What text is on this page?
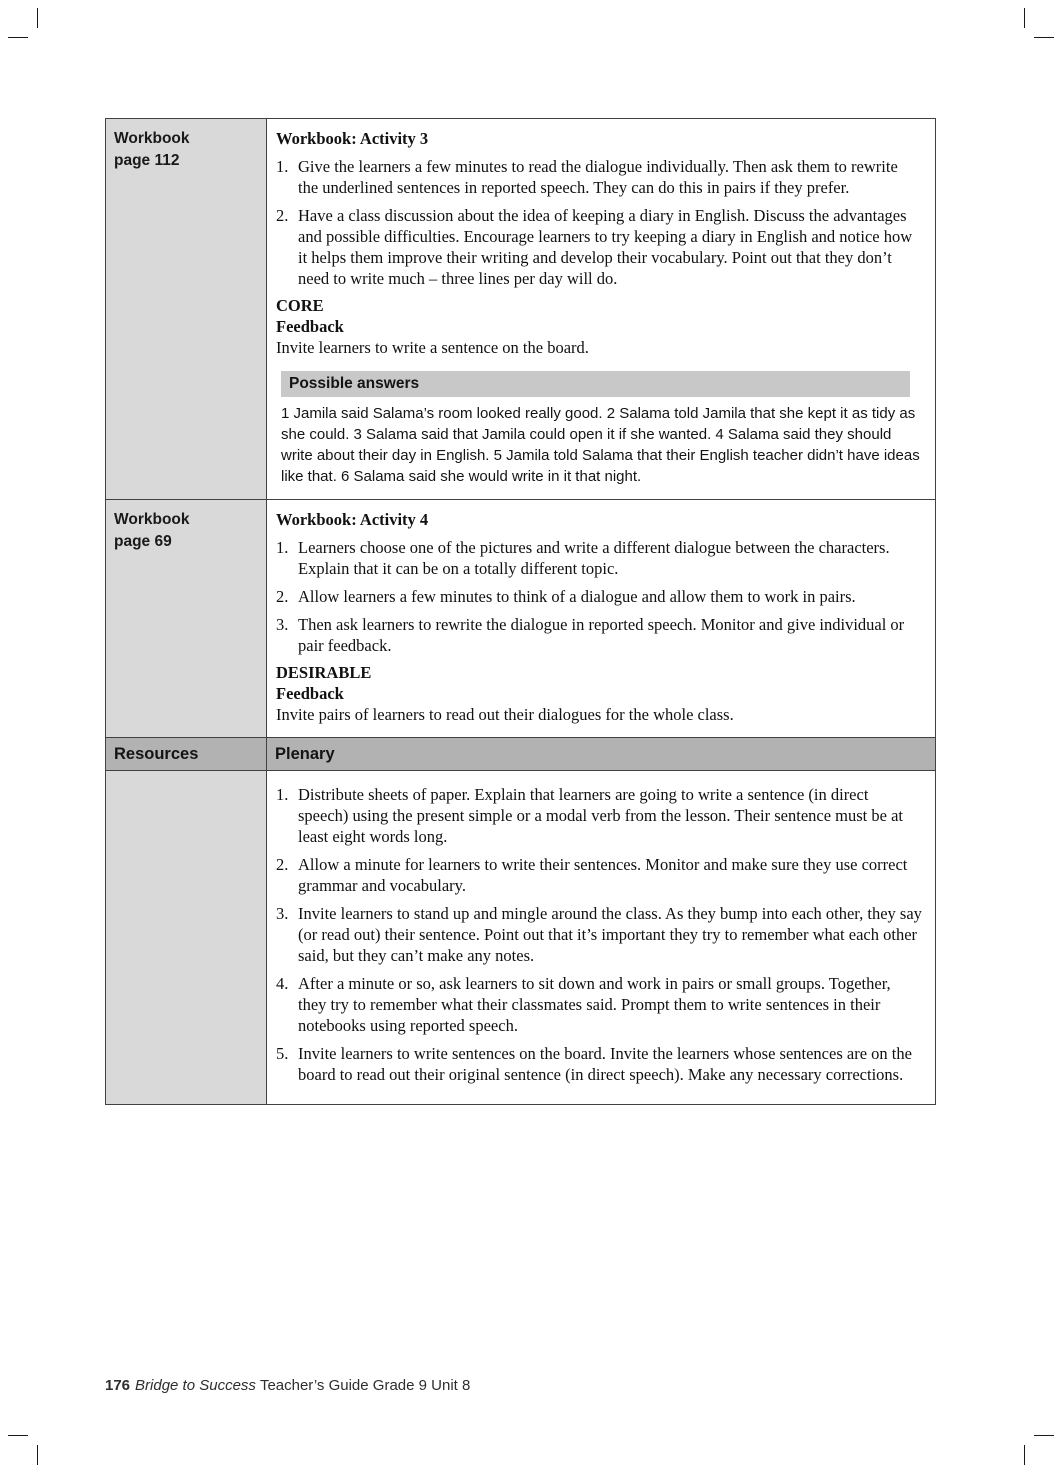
Workbook
page 112
Workbook: Activity 3
1. Give the learners a few minutes to read the dialogue individually. Then ask them to rewrite the underlined sentences in reported speech. They can do this in pairs if they prefer.
2. Have a class discussion about the idea of keeping a diary in English. Discuss the advantages and possible difficulties. Encourage learners to try keeping a diary in English and notice how it helps them improve their writing and develop their vocabulary. Point out that they don’t need to write much – three lines per day will do.
CORE
Feedback
Invite learners to write a sentence on the board.
Possible answers
1 Jamila said Salama’s room looked really good. 2 Salama told Jamila that she kept it as tidy as she could. 3 Salama said that Jamila could open it if she wanted. 4 Salama said they should write about their day in English. 5 Jamila told Salama that their English teacher didn’t have ideas like that. 6 Salama said she would write in it that night.
Workbook
page 69
Workbook: Activity 4
1. Learners choose one of the pictures and write a different dialogue between the characters. Explain that it can be on a totally different topic.
2. Allow learners a few minutes to think of a dialogue and allow them to work in pairs.
3. Then ask learners to rewrite the dialogue in reported speech. Monitor and give individual or pair feedback.
DESIRABLE
Feedback
Invite pairs of learners to read out their dialogues for the whole class.
Resources	Plenary
1. Distribute sheets of paper. Explain that learners are going to write a sentence (in direct speech) using the present simple or a modal verb from the lesson. Their sentence must be at least eight words long.
2. Allow a minute for learners to write their sentences. Monitor and make sure they use correct grammar and vocabulary.
3. Invite learners to stand up and mingle around the class. As they bump into each other, they say (or read out) their sentence. Point out that it’s important they try to remember what each other said, but they can’t make any notes.
4. After a minute or so, ask learners to sit down and work in pairs or small groups. Together, they try to remember what their classmates said. Prompt them to write sentences in their notebooks using reported speech.
5. Invite learners to write sentences on the board. Invite the learners whose sentences are on the board to read out their original sentence (in direct speech). Make any necessary corrections.
176 Bridge to Success Teacher’s Guide Grade 9 Unit 8
